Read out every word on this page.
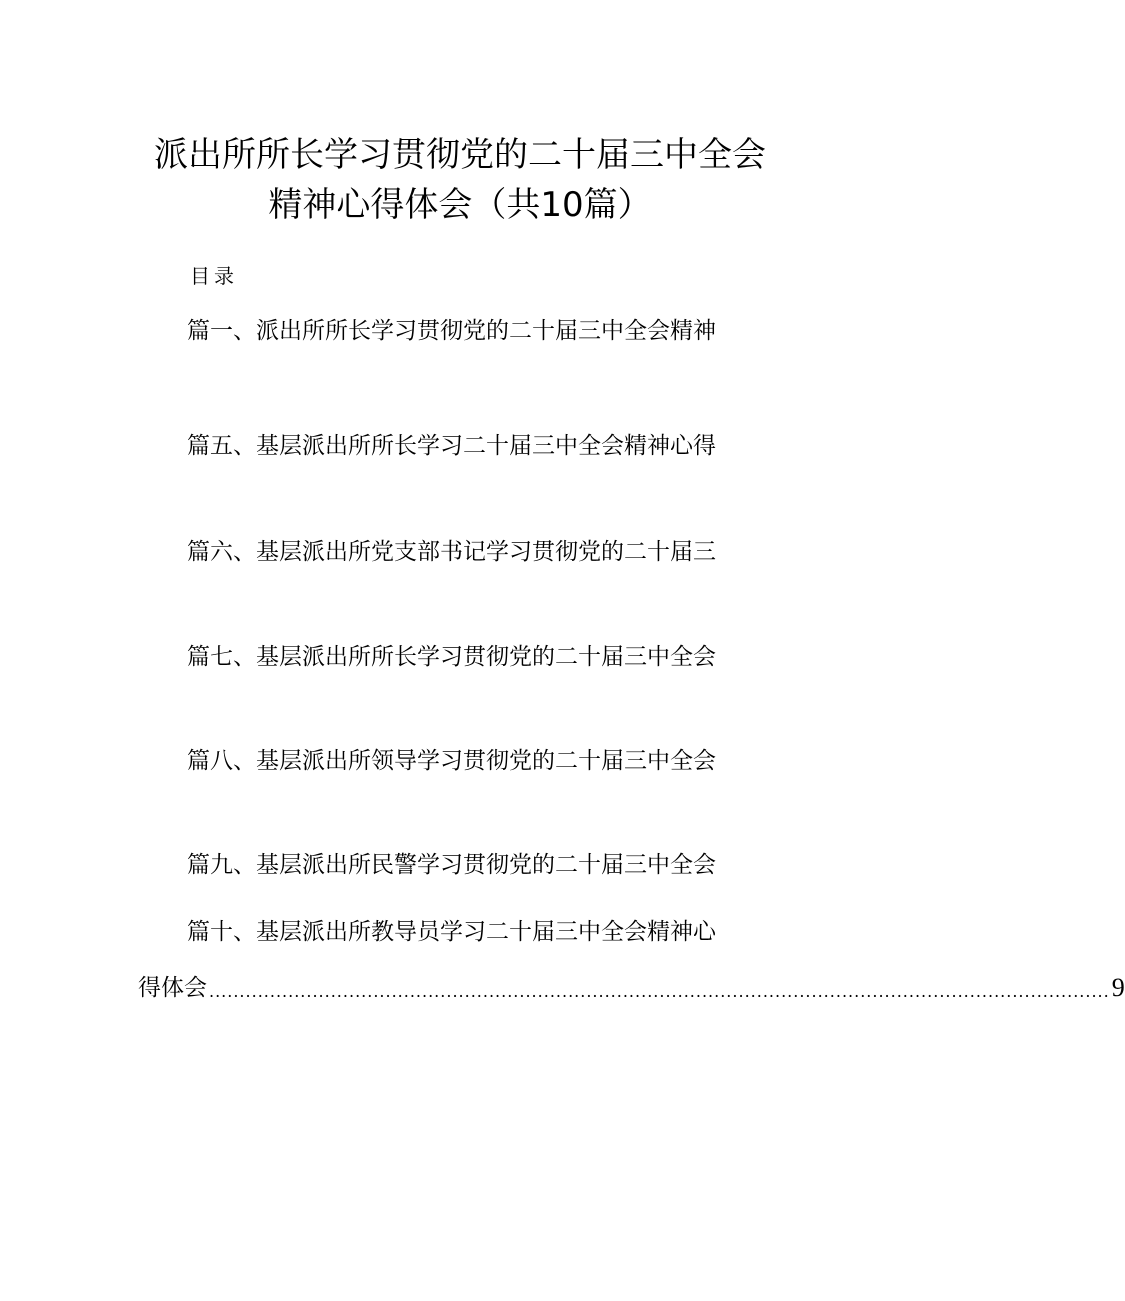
派出所所长学习贯彻党的二十届三中全会
精神心得体会（共10篇）
目录
篇一、派出所所长学习贯彻党的二十届三中全会精神
篇五、基层派出所所长学习二十届三中全会精神心得
篇六、基层派出所党支部书记学习贯彻党的二十届三
篇七、基层派出所所长学习贯彻党的二十届三中全会
篇八、基层派出所领导学习贯彻党的二十届三中全会
篇九、基层派出所民警学习贯彻党的二十届三中全会
篇十、基层派出所教导员学习二十届三中全会精神心
得体会 .................................................................................................................................................... 9
